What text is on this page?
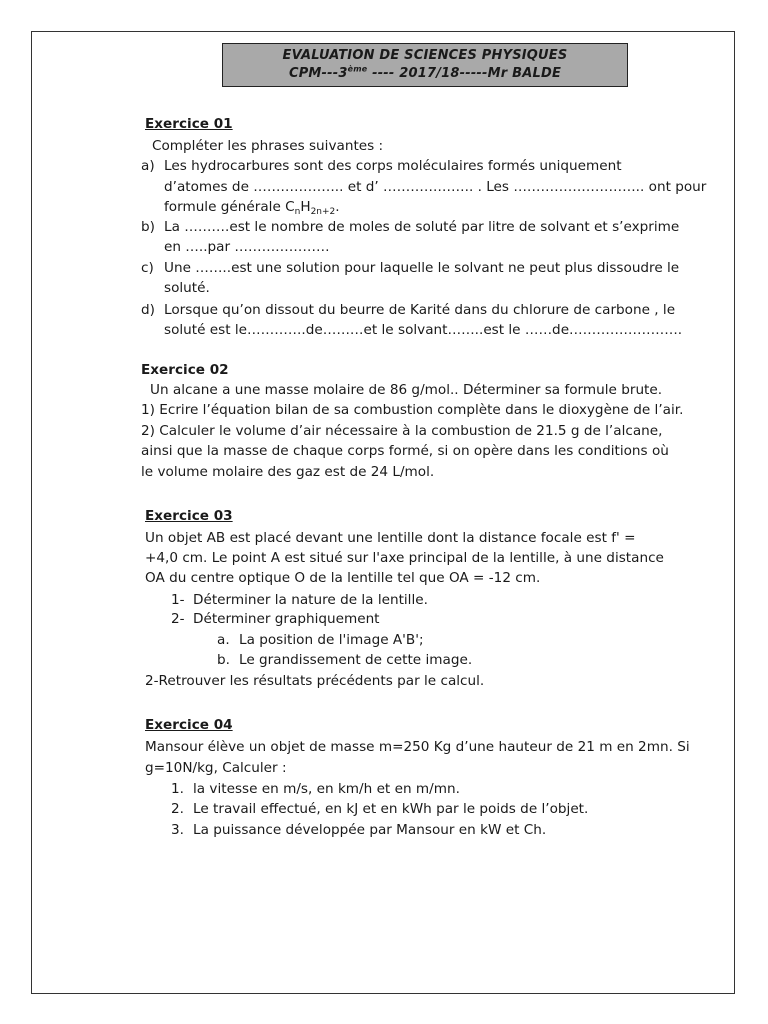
EVALUATION DE SCIENCES PHYSIQUES
CPM---3ème ---- 2017/18-----Mr BALDE
Exercice 01
Compléter les phrases suivantes :
a) Les hydrocarbures sont des corps moléculaires formés uniquement
d’atomes de ……………….. et d’ ……………….. . Les ……………………….. ont pour
formule générale $C_nH_{2n+2}$.
b) La ……….est le nombre de moles de soluté par litre de solvant et s’exprime
en …..par …………………
c) Une ……..est une solution pour laquelle le solvant ne peut plus dissoudre le
soluté.
d) Lorsque qu’on dissout du beurre de Karité dans du chlorure de carbone , le
soluté est le………….de………et le solvant……..est le ……de…………………….
Exercice 02
Un alcane a une masse molaire de 86 g/mol.. Déterminer sa formule brute.
1) Ecrire l’équation bilan de sa combustion complète dans le dioxygène de l’air.
2) Calculer le volume d’air nécessaire à la combustion de 21.5 g de l’alcane,
ainsi que la masse de chaque corps formé, si on opère dans les conditions où
le volume molaire des gaz est de 24 L/mol.
Exercice 03
Un objet AB est placé devant une lentille dont la distance focale est f' =
+4,0 cm. Le point A est situé sur l'axe principal de la lentille, à une distance
OA du centre optique O de la lentille tel que OA = -12 cm.
1- Déterminer la nature de la lentille.
2- Déterminer graphiquement
a. La position de l'image A'B';
b. Le grandissement de cette image.
2-Retrouver les résultats précédents par le calcul.
Exercice 04
Mansour élève un objet de masse m=250 Kg d’une hauteur de 21 m en 2mn. Si
g=10N/kg, Calculer :
1. la vitesse en m/s, en km/h et en m/mn.
2. Le travail effectué, en kJ et en kWh par le poids de l’objet.
3. La puissance développée par Mansour en kW et Ch.
